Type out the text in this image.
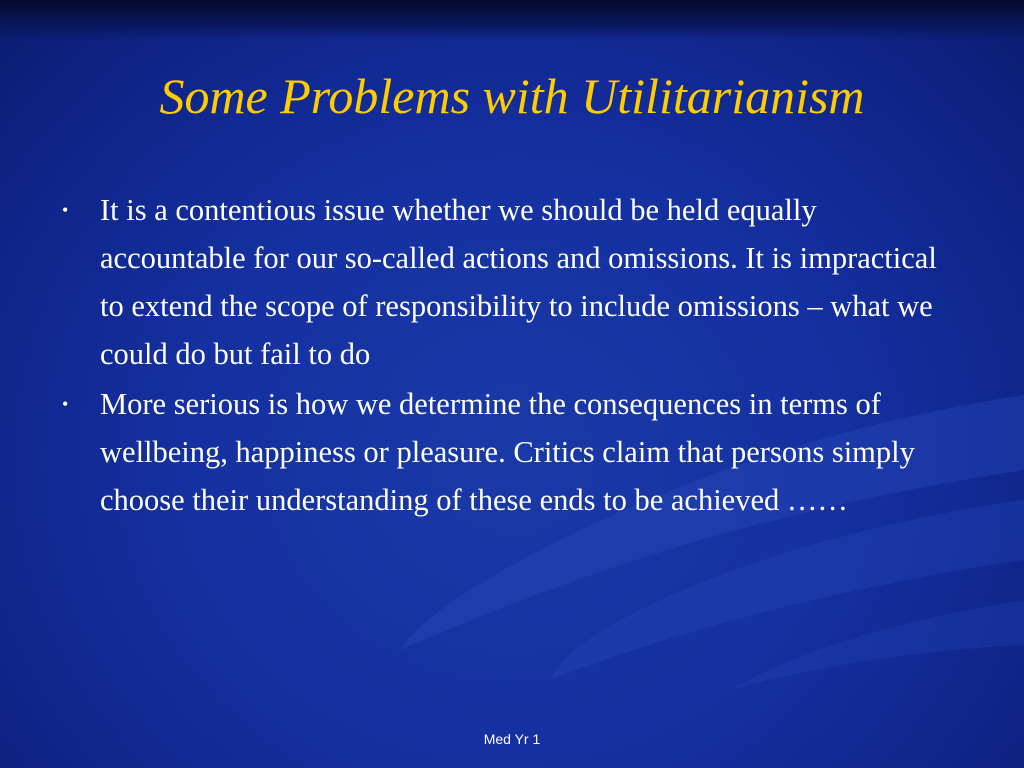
Some Problems with Utilitarianism
• It is a contentious issue whether we should be held equally accountable for our so-called actions and omissions. It is impractical to extend the scope of responsibility to include omissions – what we could do but fail to do
• More serious is how we determine the consequences in terms of wellbeing, happiness or pleasure. Critics claim that persons simply choose their understanding of these ends to be achieved ……
Med Yr 1
